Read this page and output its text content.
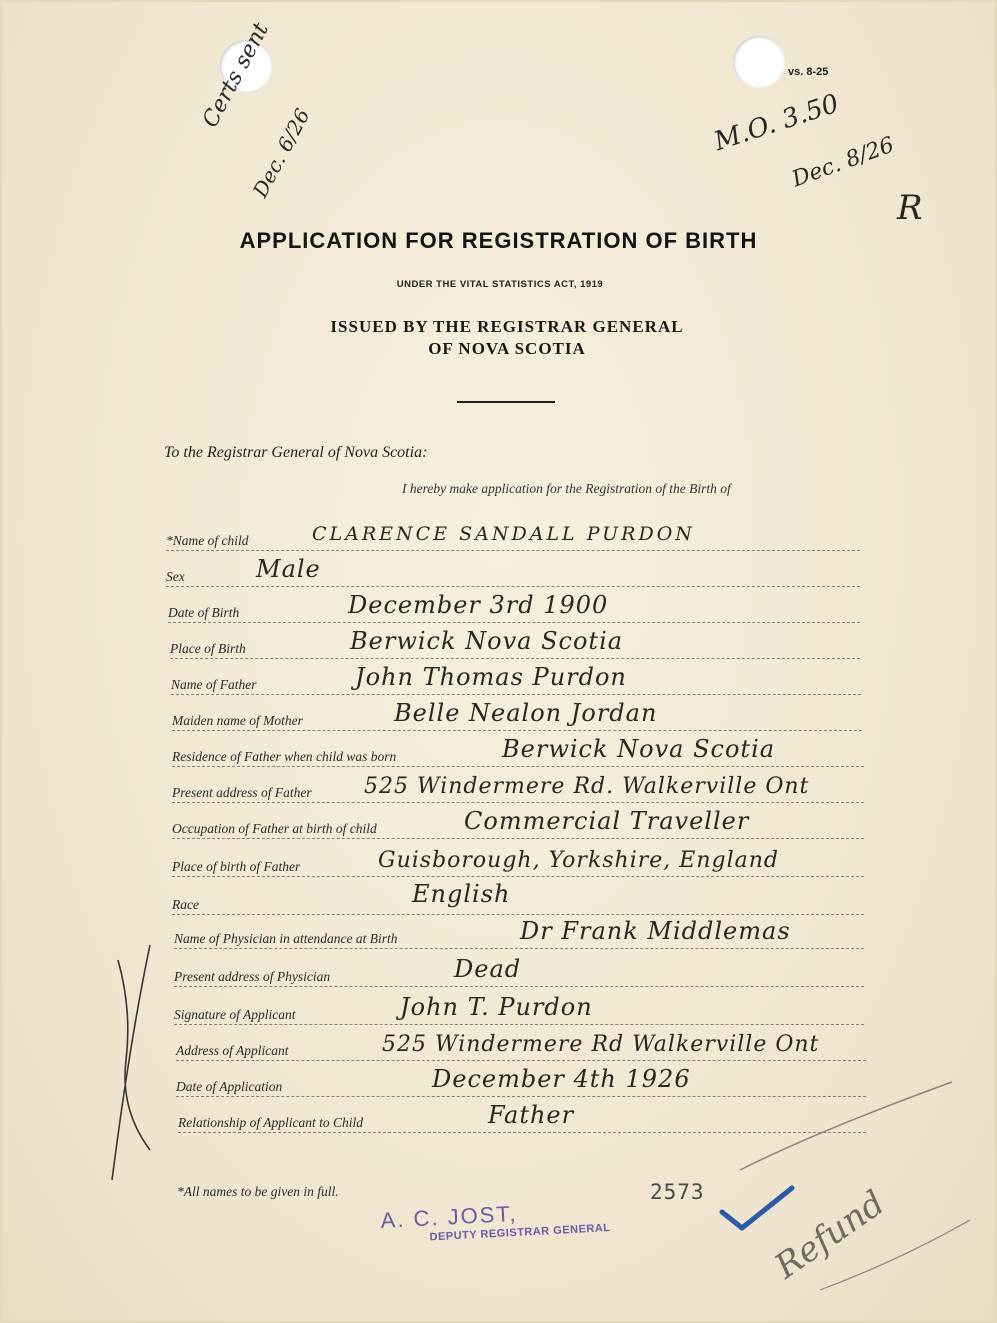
vs. 8-25
Certs sent
Dec. 6/26	M.O. 3.50
Dec. 8/26
R
APPLICATION FOR REGISTRATION OF BIRTH
UNDER THE VITAL STATISTICS ACT, 1919
ISSUED BY THE REGISTRAR GENERAL
OF NOVA SCOTIA
To the Registrar General of Nova Scotia:
I hereby make application for the Registration of the Birth of
*Name of child	CLARENCE SANDALL PURDON
Sex	Male
Date of Birth	December 3rd 1900
Place of Birth	Berwick Nova Scotia
Name of Father	John Thomas Purdon
Maiden name of Mother	Belle Nealon Jordan
Residence of Father when child was born	Berwick Nova Scotia
Present address of Father 525 Windermere Rd. Walkerville Ont
Occupation of Father at birth of child	Commercial Traveller
Place of birth of Father	Guisborough, Yorkshire, England
Race	English
Name of Physician in attendance at Birth	Dr Frank Middlemas
Present address of Physician	Dead
Signature of Applicant	John T. Purdon
Address of Applicant	525 Windermere Rd Walkerville Ont
Date of Application	December 4th 1926
Relationship of Applicant to Child	Father
*All names to be given in full.	2573
A. C. JOST,
DEPUTY REGISTRAR GENERAL	Refund
